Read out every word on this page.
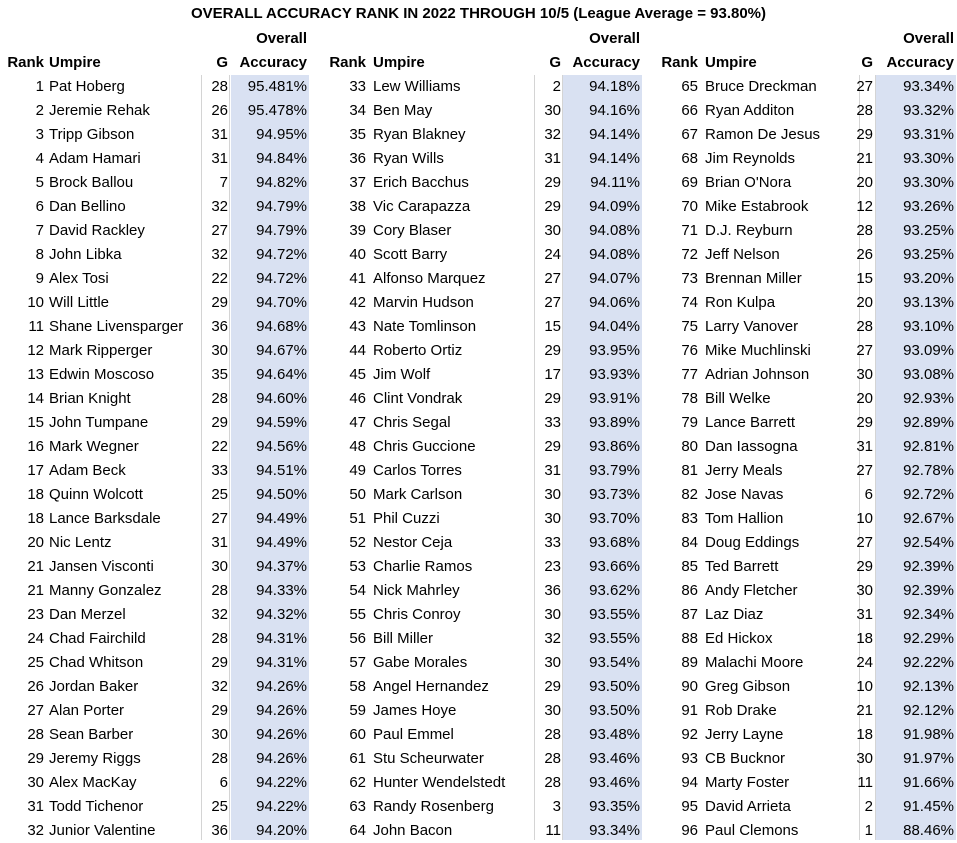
OVERALL ACCURACY RANK IN 2022 THROUGH 10/5 (League Average = 93.80%)
Overall
Rank Umpire	G Accuracy
1 Pat Hoberg	28	95.481%
2 Jeremie Rehak	26	95.478%
3 Tripp Gibson	31	94.95%
4 Adam Hamari	31	94.84%
5 Brock Ballou	7	94.82%
6 Dan Bellino	32	94.79%
7 David Rackley	27	94.79%
8 John Libka	32	94.72%
9 Alex Tosi	22	94.72%
10 Will Little	29	94.70%
11 Shane Livensparger	36	94.68%
12 Mark Ripperger	30	94.67%
13 Edwin Moscoso	35	94.64%
14 Brian Knight	28	94.60%
15 John Tumpane	29	94.59%
16 Mark Wegner	22	94.56%
17 Adam Beck	33	94.51%
18 Quinn Wolcott	25	94.50%
18 Lance Barksdale	27	94.49%
20 Nic Lentz	31	94.49%
21 Jansen Visconti	30	94.37%
21 Manny Gonzalez	28	94.33%
23 Dan Merzel	32	94.32%
24 Chad Fairchild	28	94.31%
25 Chad Whitson	29	94.31%
26 Jordan Baker	32	94.26%
27 Alan Porter	29	94.26%
28 Sean Barber	30	94.26%
29 Jeremy Riggs	28	94.26%
30 Alex MacKay	6	94.22%
31 Todd Tichenor	25	94.22%
32 Junior Valentine	36	94.20%
Overall
Rank Umpire	G Accuracy
33 Lew Williams	2	94.18%
34 Ben May	30	94.16%
35 Ryan Blakney	32	94.14%
36 Ryan Wills	31	94.14%
37 Erich Bacchus	29	94.11%
38 Vic Carapazza	29	94.09%
39 Cory Blaser	30	94.08%
40 Scott Barry	24	94.08%
41 Alfonso Marquez	27	94.07%
42 Marvin Hudson	27	94.06%
43 Nate Tomlinson	15	94.04%
44 Roberto Ortiz	29	93.95%
45 Jim Wolf	17	93.93%
46 Clint Vondrak	29	93.91%
47 Chris Segal	33	93.89%
48 Chris Guccione	29	93.86%
49 Carlos Torres	31	93.79%
50 Mark Carlson	30	93.73%
51 Phil Cuzzi	30	93.70%
52 Nestor Ceja	33	93.68%
53 Charlie Ramos	23	93.66%
54 Nick Mahrley	36	93.62%
55 Chris Conroy	30	93.55%
56 Bill Miller	32	93.55%
57 Gabe Morales	30	93.54%
58 Angel Hernandez	29	93.50%
59 James Hoye	30	93.50%
60 Paul Emmel	28	93.48%
61 Stu Scheurwater	28	93.46%
62 Hunter Wendelstedt	28	93.46%
63 Randy Rosenberg	3	93.35%
64 John Bacon	11	93.34%
Overall
Rank Umpire	G Accuracy
65 Bruce Dreckman	27	93.34%
66 Ryan Additon	28	93.32%
67 Ramon De Jesus	29	93.31%
68 Jim Reynolds	21	93.30%
69 Brian O'Nora	20	93.30%
70 Mike Estabrook	12	93.26%
71 D.J. Reyburn	28	93.25%
72 Jeff Nelson	26	93.25%
73 Brennan Miller	15	93.20%
74 Ron Kulpa	20	93.13%
75 Larry Vanover	28	93.10%
76 Mike Muchlinski	27	93.09%
77 Adrian Johnson	30	93.08%
78 Bill Welke	20	92.93%
79 Lance Barrett	29	92.89%
80 Dan Iassogna	31	92.81%
81 Jerry Meals	27	92.78%
82 Jose Navas	6	92.72%
83 Tom Hallion	10	92.67%
84 Doug Eddings	27	92.54%
85 Ted Barrett	29	92.39%
86 Andy Fletcher	30	92.39%
87 Laz Diaz	31	92.34%
88 Ed Hickox	18	92.29%
89 Malachi Moore	24	92.22%
90 Greg Gibson	10	92.13%
91 Rob Drake	21	92.12%
92 Jerry Layne	18	91.98%
93 CB Bucknor	30	91.97%
94 Marty Foster	11	91.66%
95 David Arrieta	2	91.45%
96 Paul Clemons	1	88.46%
